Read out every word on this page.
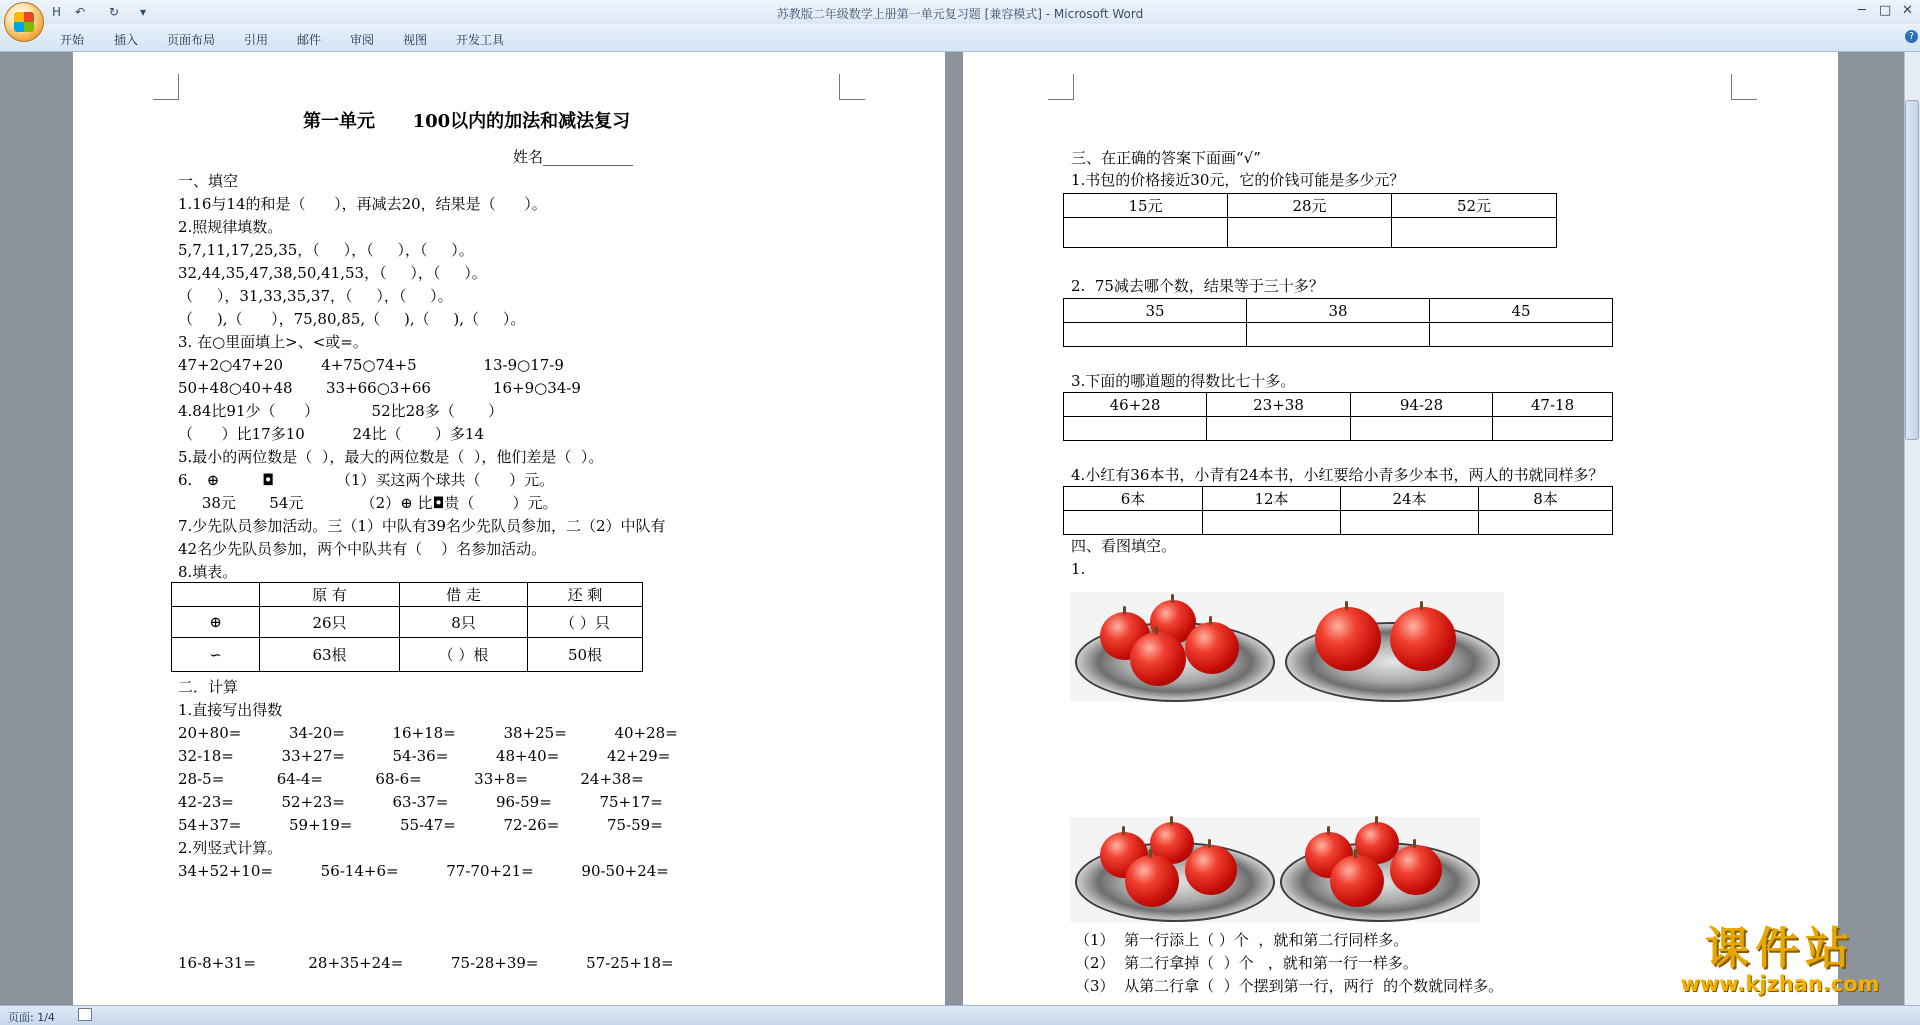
苏教版二年级数学上册第一单元复习题 [兼容模式] - Microsoft Word
H ↶ ↻ ▾	─ □ ✕
开始 插入 页面布局 引用 邮件 审阅 视图 开发工具	?
第一单元      100以内的加法和减法复习
姓名____________
一、填空
1.16与14的和是（      ），再减去20，结果是（      ）。
2.照规律填数。
5,7,11,17,25,35，（     ），（     ），（     ）。
32,44,35,47,38,50,41,53，（     ），（     ）。
（     ），31,33,35,37，（     ），（     ）。
（     ),（      ），75,80,85,（     ),（     ),（     ）。
3. 在○里面填上>、<或=。
47+2○47+20        4+75○74+5              13-9○17-9
50+48○40+48       33+66○3+66             16+9○34-9
4.84比91少（      ）           52比28多（       ）
（      ）比17多10          24比（       ）多14
5.最小的两位数是（  ），最大的两位数是（  ），他们差是（  ）。
6.   ⊕         ◘             （1）买这两个球共（      ）元。
38元       54元            （2）⊕ 比◘贵（        ）元。
7.少先队员参加活动。三（1）中队有39名少先队员参加，二（2）中队有
42名少先队员参加，两个中队共有（    ）名参加活动。
8.填表。
	原 有	借 走	还 剩
⊕	26只	8只	（ ）只
∽	63根	（ ）根	50根
二．计算
1.直接写出得数
20+80=          34-20=          16+18=          38+25=          40+28=
32-18=          33+27=          54-36=          48+40=          42+29=
28-5=           64-4=           68-6=           33+8=           24+38=
42-23=          52+23=          63-37=          96-59=          75+17=
54+37=          59+19=          55-47=          72-26=          75-59=
2.列竖式计算。
34+52+10=          56-14+6=          77-70+21=          90-50+24=
16-8+31=           28+35+24=          75-28+39=          57-25+18=
三、在正确的答案下面画“√”
1.书包的价格接近30元，它的价钱可能是多少元？
15元	28元	52元

2.  75减去哪个数，结果等于三十多？
35	38	45

3.下面的哪道题的得数比七十多。
46+28	23+38	94-28	47-18

4.小红有36本书，小青有24本书，小红要给小青多少本书，两人的书就同样多？
6本	12本	24本	8本

四、看图填空。
1.
（1）  第一行添上（ ）个  ，就和第二行同样多。
（2）  第二行拿掉（  ）个   ，就和第一行一样多。
（3）  从第二行拿（  ）个摆到第一行，两行  的个数就同样多。
页面: 1/4
课件站
www.kjzhan.com
